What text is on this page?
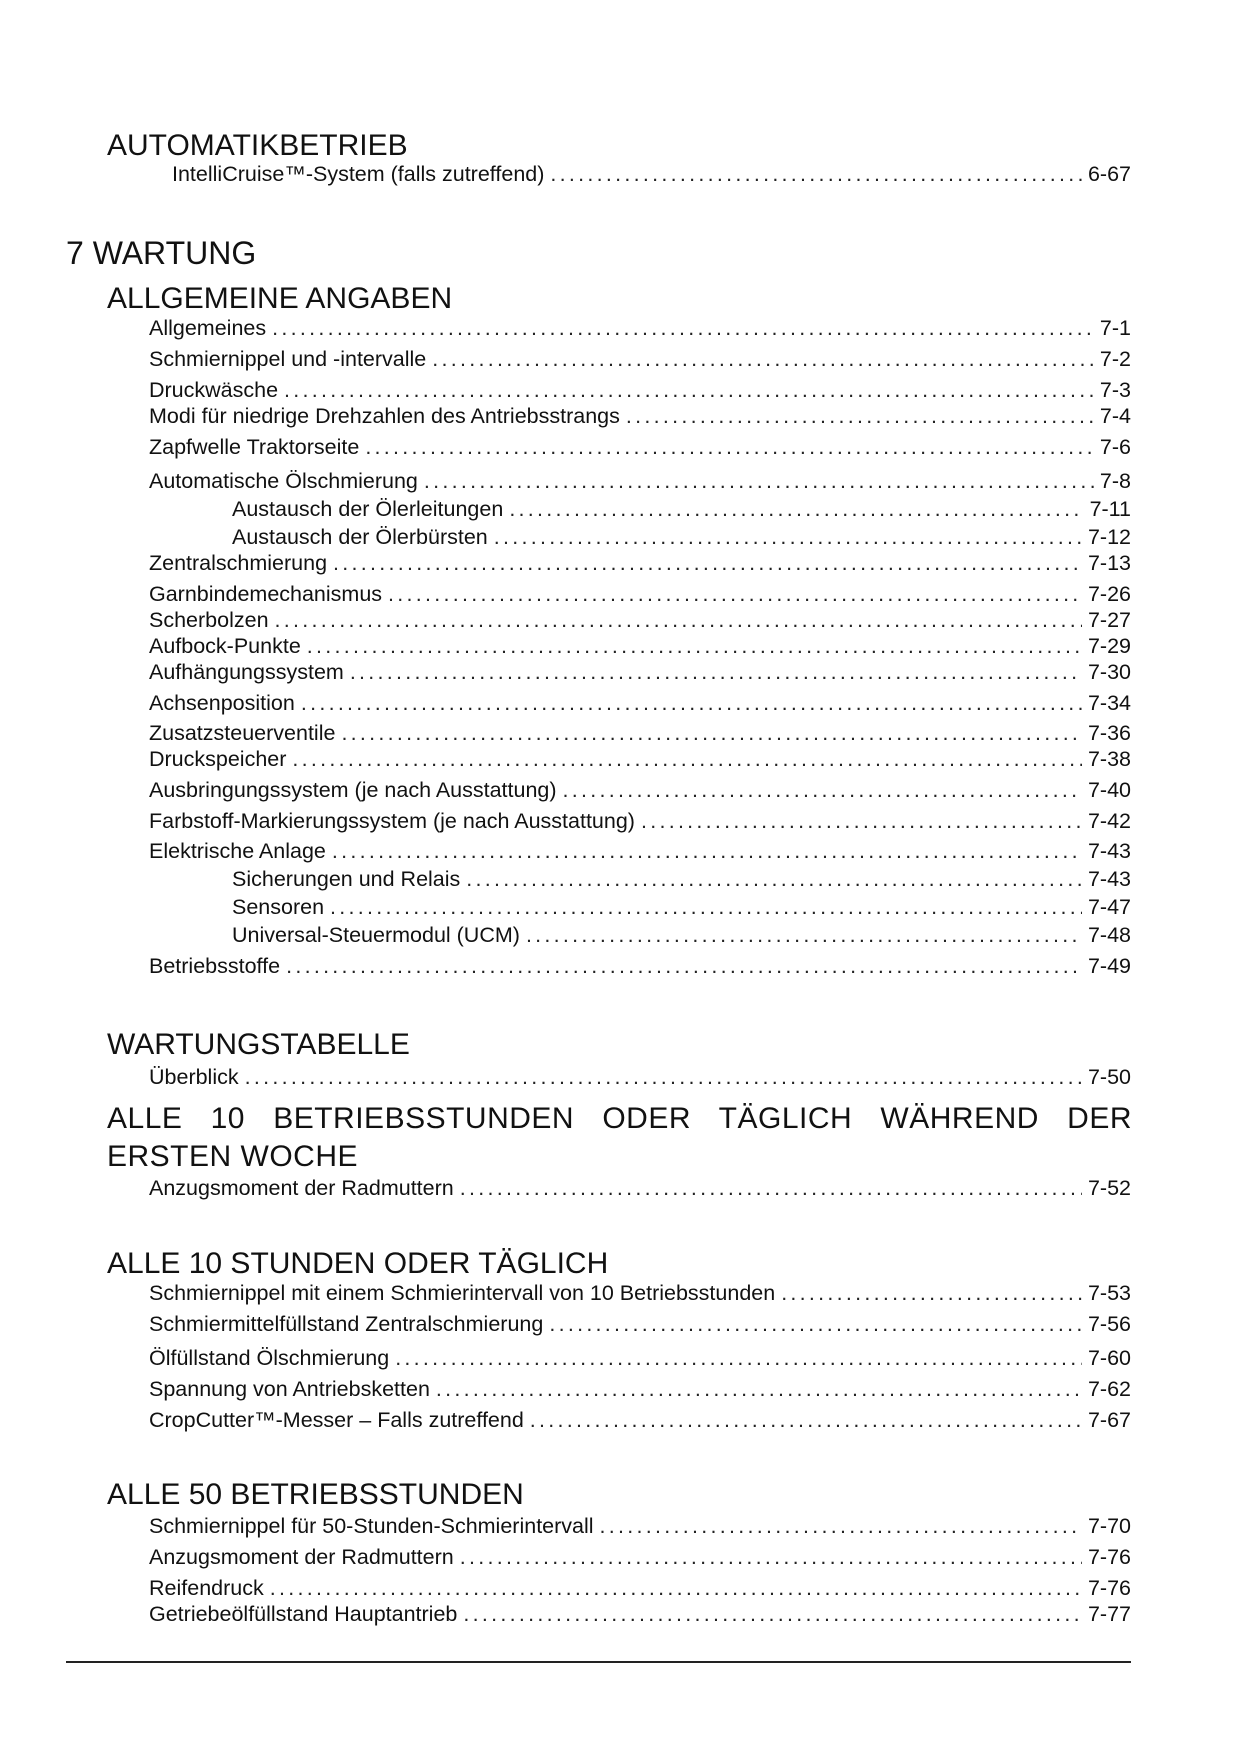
AUTOMATIKBETRIEB
IntelliCruise™-System (falls zutreffend) . . .	6-67
7 WARTUNG
ALLGEMEINE ANGABEN
Allgemeines . . .	7-1
Schmiernippel und -intervalle . . .	7-2
Druckwäsche . . .	7-3
Modi für niedrige Drehzahlen des Antriebsstrangs . . .	7-4
Zapfwelle Traktorseite . . .	7-6
Automatische Ölschmierung . . .	7-8
Austausch der Ölerleitungen . . .	7-11
Austausch der Ölerbürsten . . .	7-12
Zentralschmierung . . .	7-13
Garnbindemechanismus . . .	7-26
Scherbolzen . . .	7-27
Aufbock-Punkte . . .	7-29
Aufhängungssystem . . .	7-30
Achsenposition . . .	7-34
Zusatzsteuerventile . . .	7-36
Druckspeicher . . .	7-38
Ausbringungssystem (je nach Ausstattung) . . .	7-40
Farbstoff-Markierungssystem (je nach Ausstattung) . . .	7-42
Elektrische Anlage . . .	7-43
Sicherungen und Relais . . .	7-43
Sensoren . . .	7-47
Universal-Steuermodul (UCM) . . .	7-48
Betriebsstoffe . . .	7-49
WARTUNGSTABELLE
Überblick . . .	7-50
ALLE 10 BETRIEBSSTUNDEN ODER TÄGLICH WÄHREND DER ERSTEN WOCHE
Anzugsmoment der Radmuttern . . .	7-52
ALLE 10 STUNDEN ODER TÄGLICH
Schmiernippel mit einem Schmierintervall von 10 Betriebsstunden . . .	7-53
Schmiermittelfüllstand Zentralschmierung . . .	7-56
Ölfüllstand Ölschmierung . . .	7-60
Spannung von Antriebsketten . . .	7-62
CropCutter™-Messer – Falls zutreffend . . .	7-67
ALLE 50 BETRIEBSSTUNDEN
Schmiernippel für 50-Stunden-Schmierintervall . . .	7-70
Anzugsmoment der Radmuttern . . .	7-76
Reifendruck . . .	7-76
Getriebeölfüllstand Hauptantrieb . . .	7-77
